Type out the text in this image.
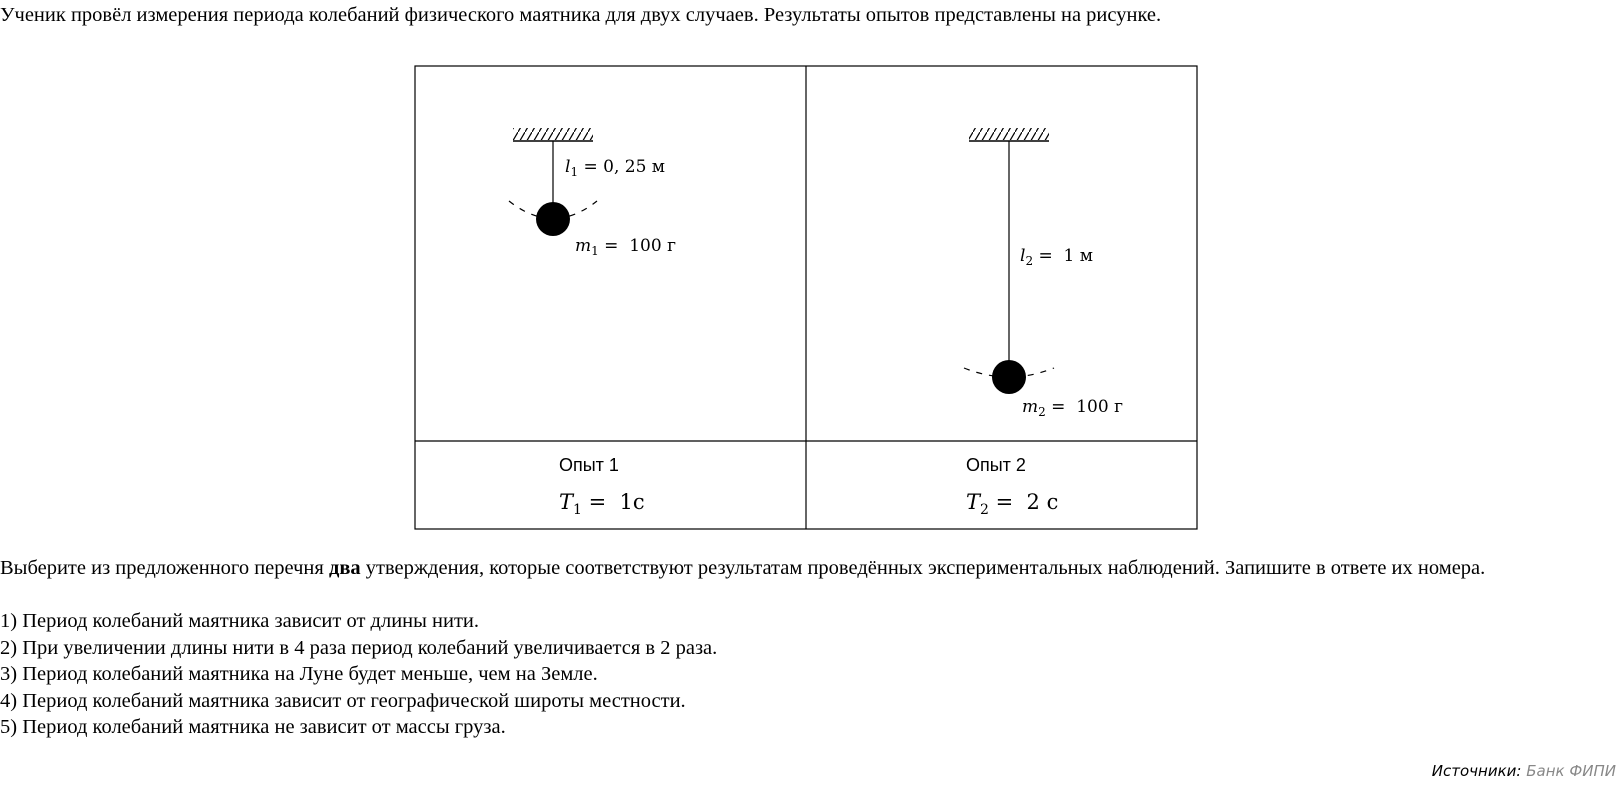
Ученик провёл измерения периода колебаний физического маятника для двух случаев. Результаты опытов представлены на рисунке.
$l_1 = 0$, 25 м
$m_1 = 100$ г
Опыт 1
$T_1 = 1с$
$l_2 = 1$ м
$m_2 = 100$ г
Опыт 2
$T_2 = 2$ с

Выберите из предложенного перечня два утверждения, которые соответствуют результатам проведённых экспериментальных наблюдений. Запишите в ответе их номера.

1) Период колебаний маятника зависит от длины нити.
2) При увеличении длины нити в 4 раза период колебаний увеличивается в 2 раза.
3) Период колебаний маятника на Луне будет меньше, чем на Земле.
4) Период колебаний маятника зависит от географической широты местности.
5) Период колебаний маятника не зависит от массы груза.
Источники: Банк ФИПИ
